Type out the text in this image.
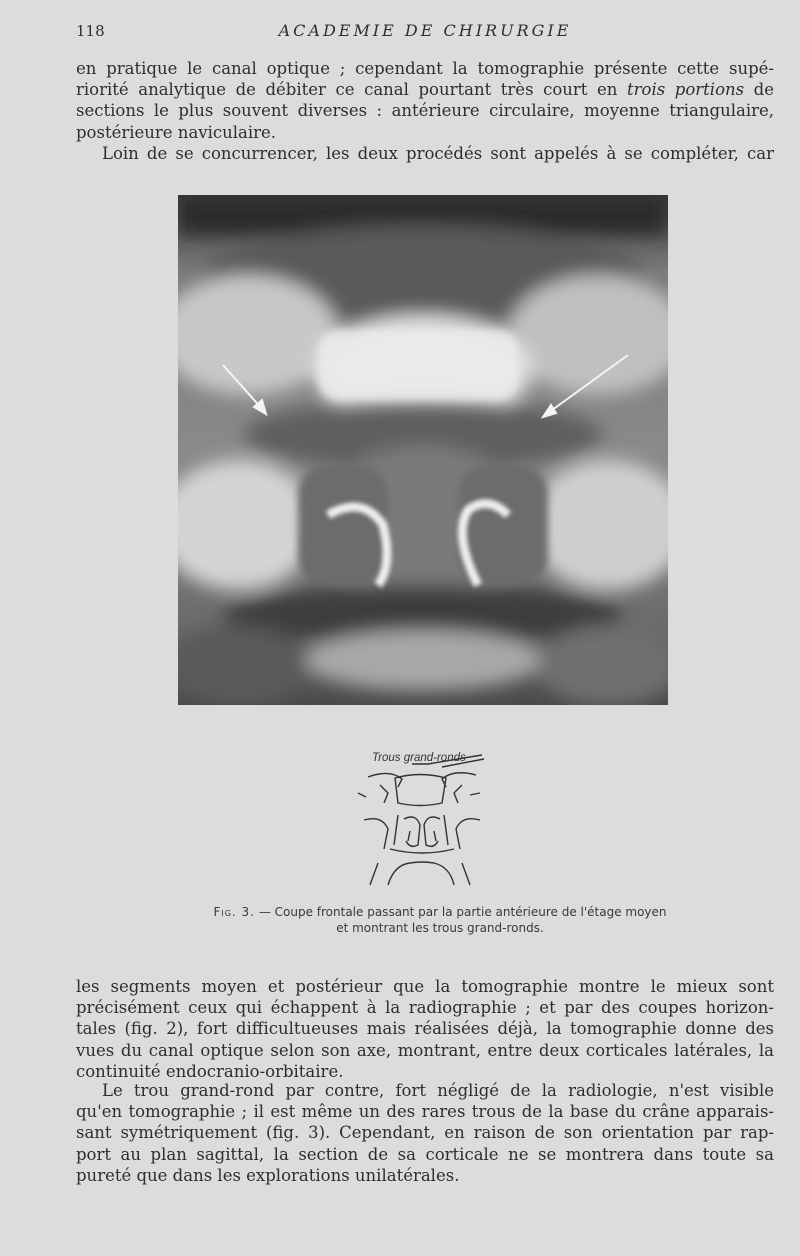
118	ACADEMIE DE CHIRURGIE

en pratique le canal optique ; cependant la tomographie présente cette supé-
riorité analytique de débiter ce canal pourtant très court en trois portions de
sections le plus souvent diverses : antérieure circulaire, moyenne triangulaire,
postérieure naviculaire.
Loin de se concurrencer, les deux procédés sont appelés à se compléter, car

Trous grand-ronds
Fig. 3. — Coupe frontale passant par la partie antérieure de l'étage moyen
et montrant les trous grand-ronds.

les segments moyen et postérieur que la tomographie montre le mieux sont
précisément ceux qui échappent à la radiographie ; et par des coupes horizon-
tales (fig. 2), fort difficultueuses mais réalisées déjà, la tomographie donne des
vues du canal optique selon son axe, montrant, entre deux corticales latérales, la
continuité endocranio-orbitaire.

Le trou grand-rond par contre, fort négligé de la radiologie, n'est visible
qu'en tomographie ; il est même un des rares trous de la base du crâne apparais-
sant symétriquement (fig. 3). Cependant, en raison de son orientation par rap-
port au plan sagittal, la section de sa corticale ne se montrera dans toute sa
pureté que dans les explorations unilatérales.
